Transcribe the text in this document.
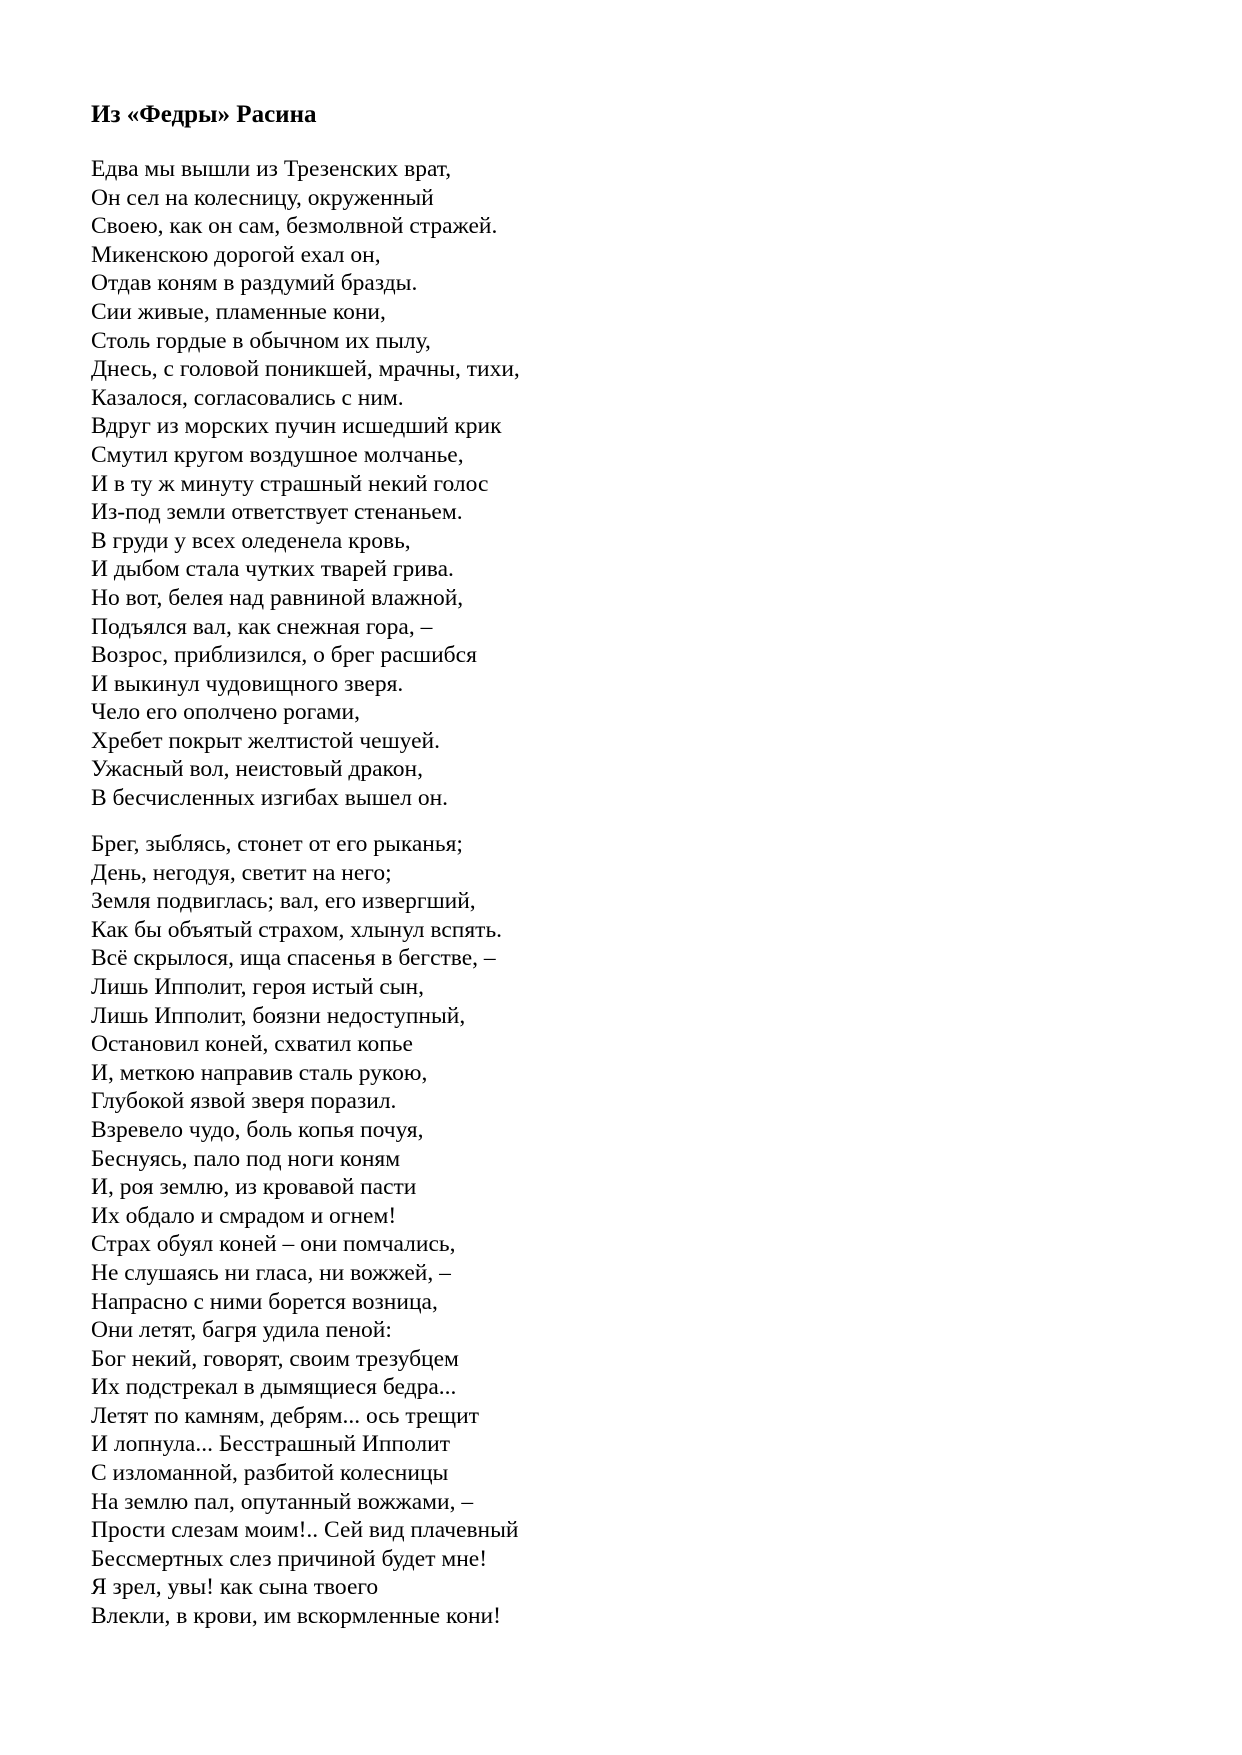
Из «Федры» Расина
Едва мы вышли из Трезенских врат,
Он сел на колесницу, окруженный
Своею, как он сам, безмолвной стражей.
Микенскою дорогой ехал он,
Отдав коням в раздумий бразды.
Сии живые, пламенные кони,
Столь гордые в обычном их пылу,
Днесь, с головой поникшей, мрачны, тихи,
Казалося, согласовались с ним.
Вдруг из морских пучин исшедший крик
Смутил кругом воздушное молчанье,
И в ту ж минуту страшный некий голос
Из-под земли ответствует стенаньем.
В груди у всех оледенела кровь,
И дыбом стала чутких тварей грива.
Но вот, белея над равниной влажной,
Подъялся вал, как снежная гора, –
Возрос, приблизился, о брег расшибся
И выкинул чудовищного зверя.
Чело его ополчено рогами,
Хребет покрыт желтистой чешуей.
Ужасный вол, неистовый дракон,
В бесчисленных изгибах вышел он.
Брег, зыблясь, стонет от его рыканья;
День, негодуя, светит на него;
Земля подвиглась; вал, его извергший,
Как бы объятый страхом, хлынул вспять.
Всё скрылося, ища спасенья в бегстве, –
Лишь Ипполит, героя истый сын,
Лишь Ипполит, боязни недоступный,
Остановил коней, схватил копье
И, меткою направив сталь рукою,
Глубокой язвой зверя поразил.
Взревело чудо, боль копья почуя,
Беснуясь, пало под ноги коням
И, роя землю, из кровавой пасти
Их обдало и смрадом и огнем!
Страх обуял коней – они помчались,
Не слушаясь ни гласа, ни вожжей, –
Напрасно с ними борется возница,
Они летят, багря удила пеной:
Бог некий, говорят, своим трезубцем
Их подстрекал в дымящиеся бедра...
Летят по камням, дебрям... ось трещит
И лопнула... Бесстрашный Ипполит
С изломанной, разбитой колесницы
На землю пал, опутанный вожжами, –
Прости слезам моим!.. Сей вид плачевный
Бессмертных слез причиной будет мне!
Я зрел, увы! как сына твоего
Влекли, в крови, им вскормленные кони!
